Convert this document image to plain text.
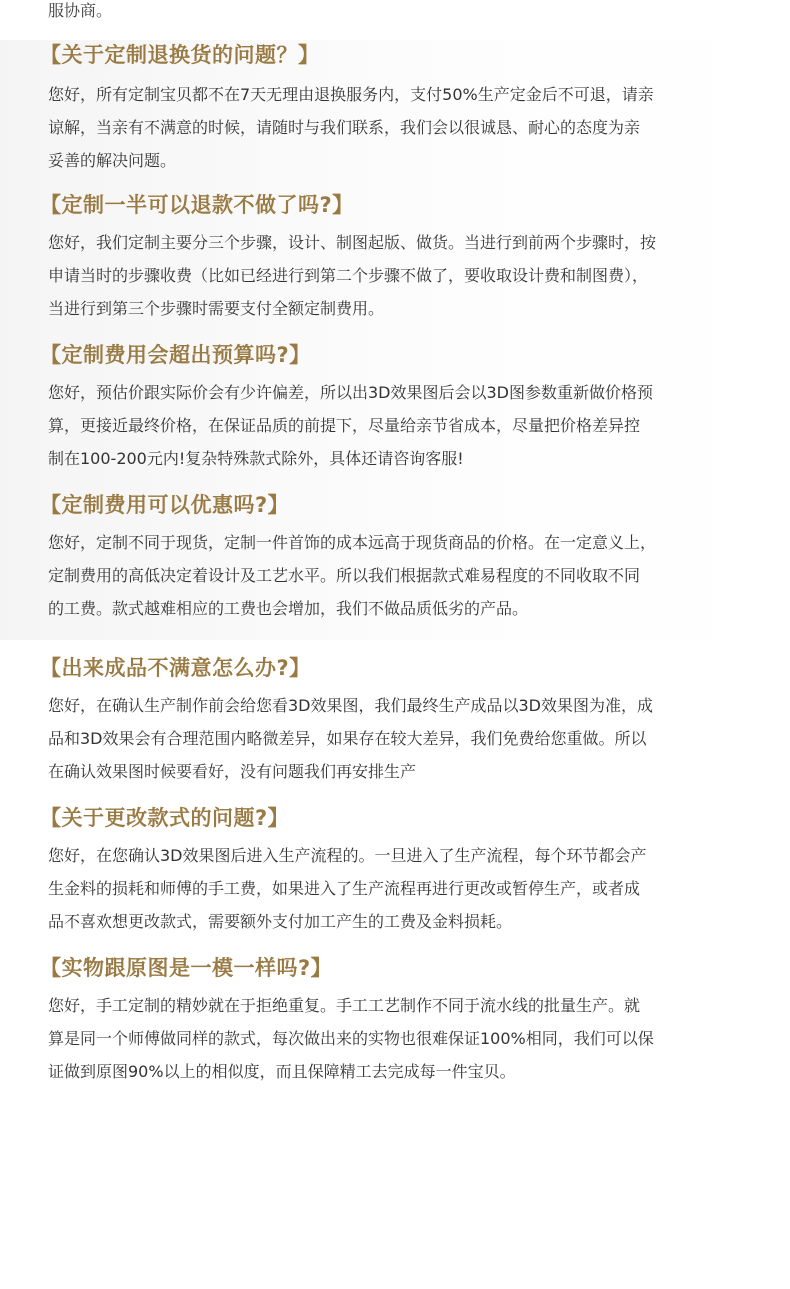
服协商。
【关于定制退换货的问题？】
您好，所有定制宝贝都不在7天无理由退换服务内，支付50%生产定金后不可退，请亲
谅解，当亲有不满意的时候，请随时与我们联系，我们会以很诚恳、耐心的态度为亲
妥善的解决问题。
【定制一半可以退款不做了吗?】
您好，我们定制主要分三个步骤，设计、制图起版、做货。当进行到前两个步骤时，按
申请当时的步骤收费（比如已经进行到第二个步骤不做了，要收取设计费和制图费），
当进行到第三个步骤时需要支付全额定制费用。
【定制费用会超出预算吗?】
您好，预估价跟实际价会有少许偏差，所以出3D效果图后会以3D图参数重新做价格预
算，更接近最终价格，在保证品质的前提下，尽量给亲节省成本，尽量把价格差异控
制在100-200元内!复杂特殊款式除外，具体还请咨询客服!
【定制费用可以优惠吗?】
您好，定制不同于现货，定制一件首饰的成本远高于现货商品的价格。在一定意义上，
定制费用的高低决定着设计及工艺水平。所以我们根据款式难易程度的不同收取不同
的工费。款式越难相应的工费也会增加，我们不做品质低劣的产品。
【出来成品不满意怎么办?】
您好，在确认生产制作前会给您看3D效果图，我们最终生产成品以3D效果图为准，成
品和3D效果会有合理范围内略微差异，如果存在较大差异，我们免费给您重做。所以
在确认效果图时候要看好，没有问题我们再安排生产
【关于更改款式的问题?】
您好，在您确认3D效果图后进入生产流程的。一旦进入了生产流程，每个环节都会产
生金料的损耗和师傅的手工费，如果进入了生产流程再进行更改或暂停生产，或者成
品不喜欢想更改款式，需要额外支付加工产生的工费及金料损耗。
【实物跟原图是一模一样吗?】
您好，手工定制的精妙就在于拒绝重复。手工工艺制作不同于流水线的批量生产。就
算是同一个师傅做同样的款式，每次做出来的实物也很难保证100%相同，我们可以保
证做到原图90%以上的相似度，而且保障精工去完成每一件宝贝。
